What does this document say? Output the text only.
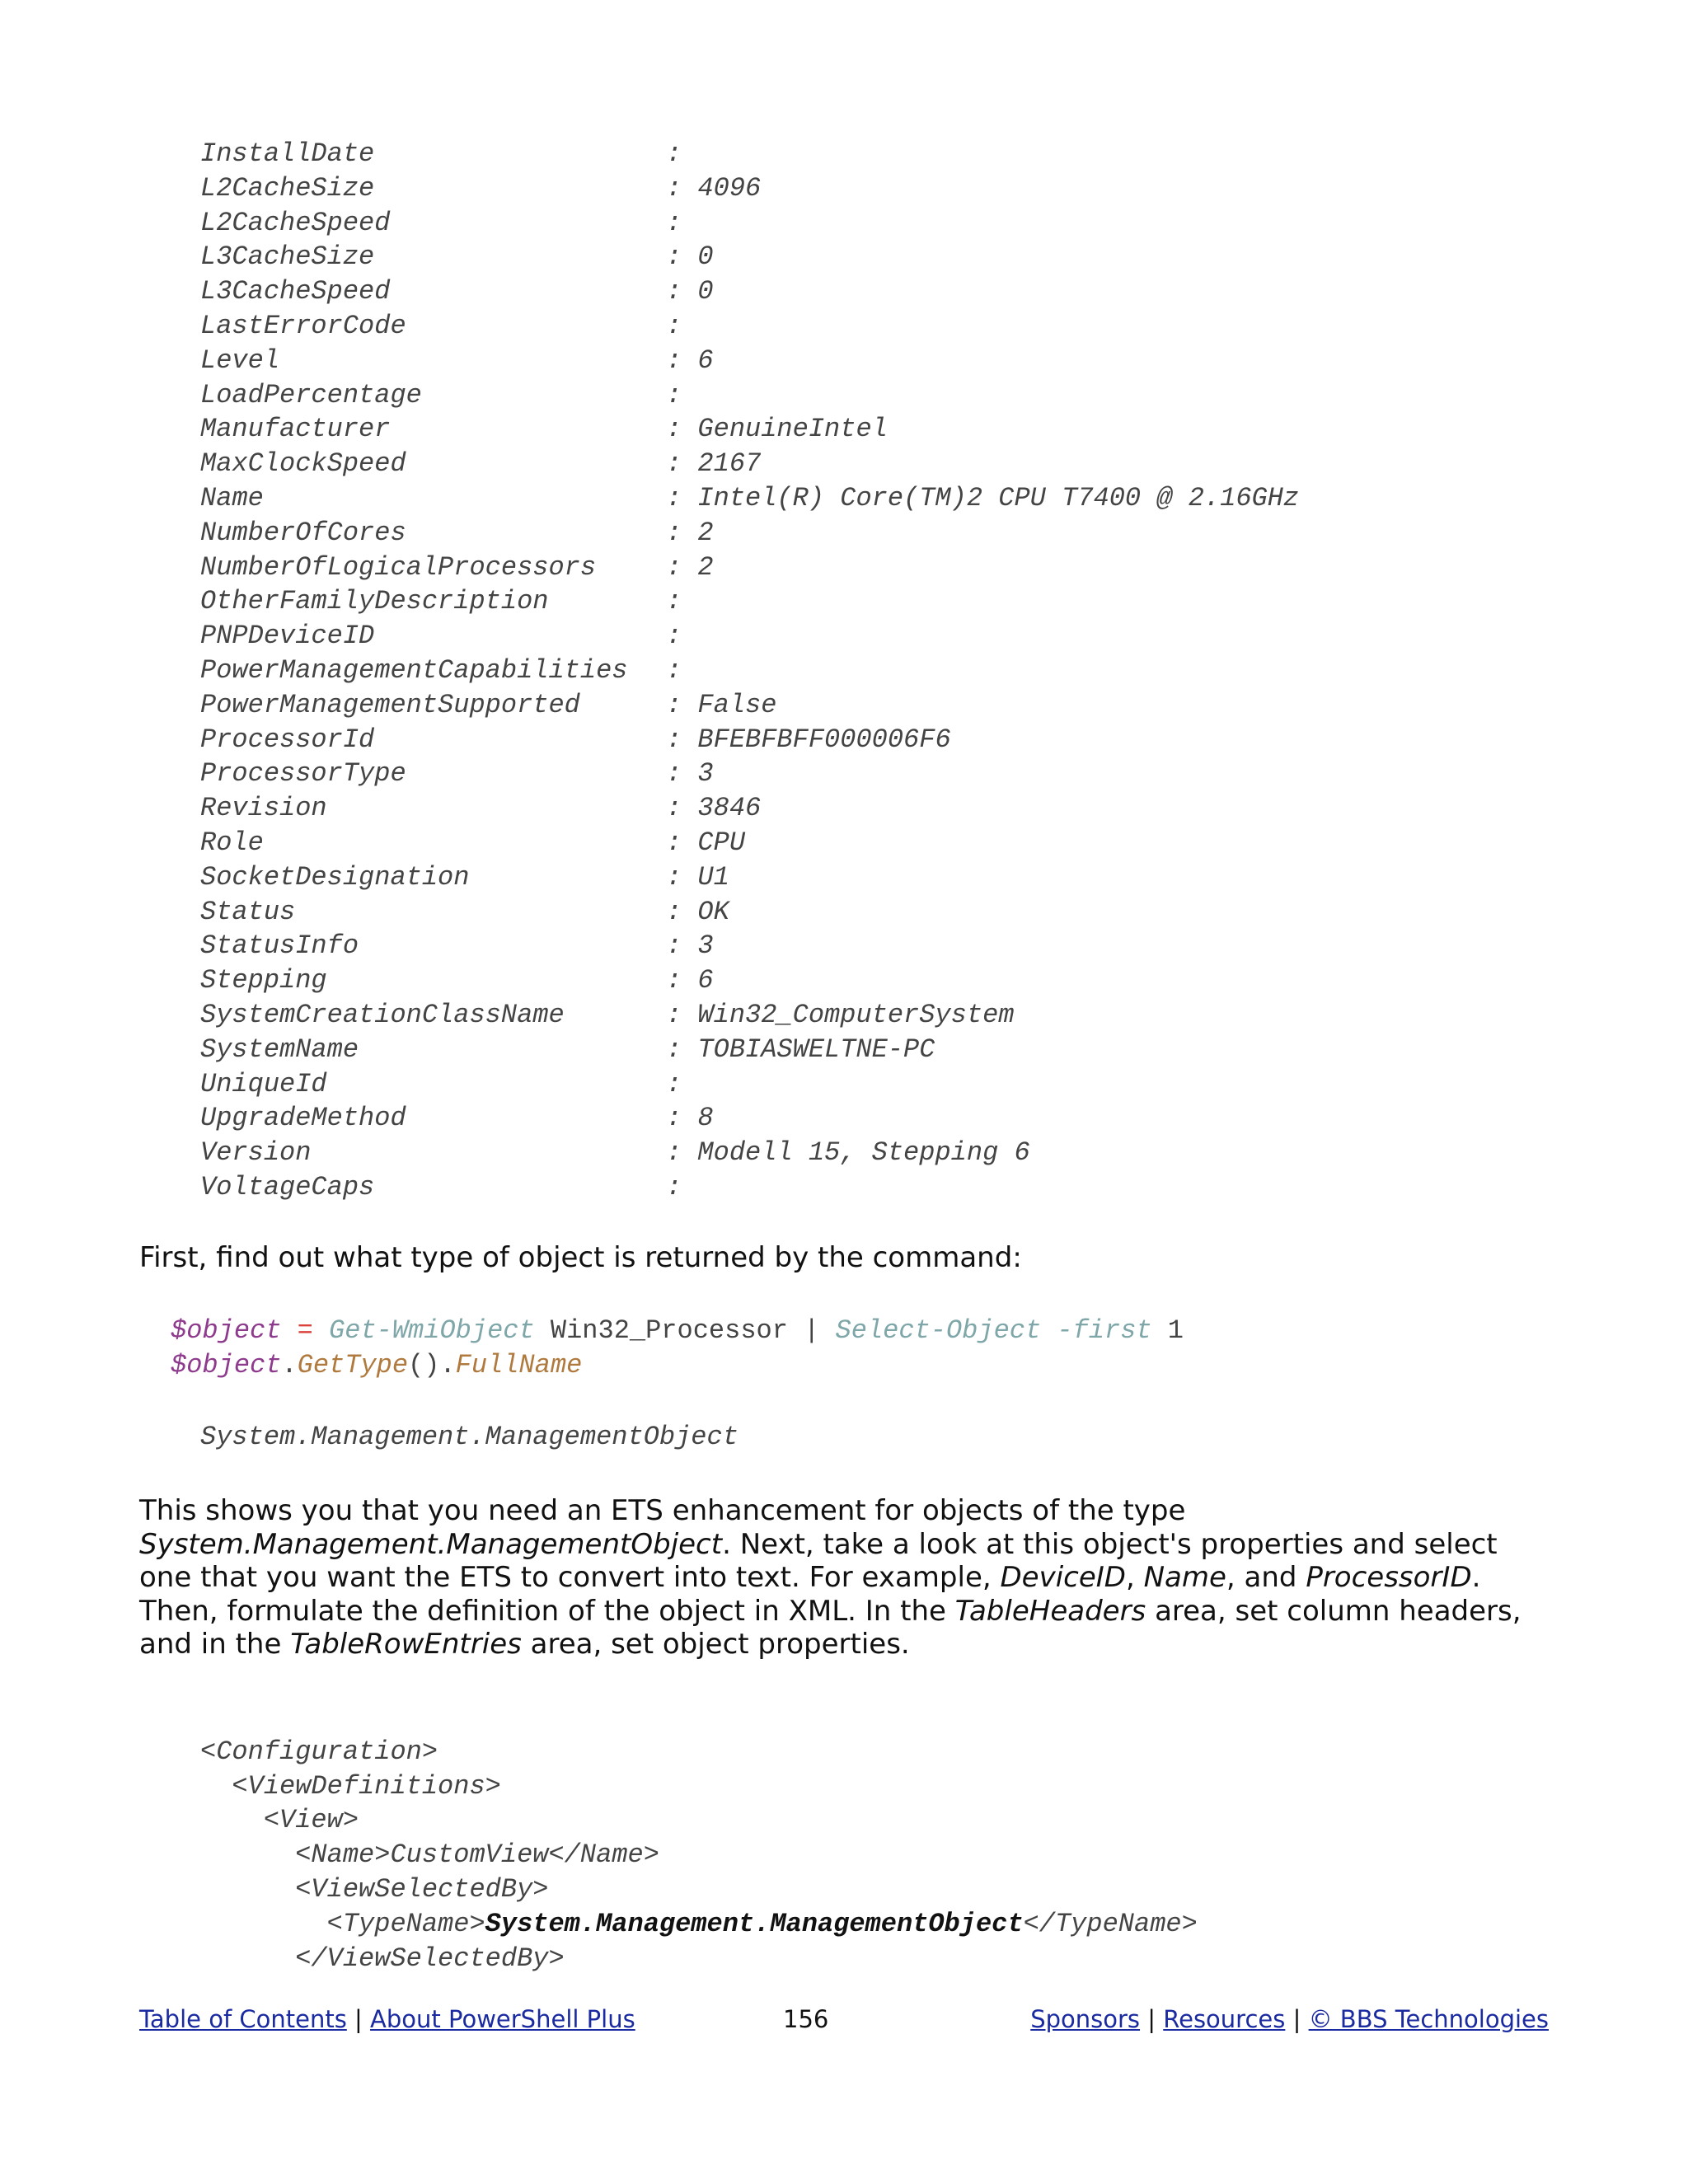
InstallDate	:
L2CacheSize	: 4096
L2CacheSpeed	:
L3CacheSize	: 0
L3CacheSpeed	: 0
LastErrorCode	:
Level	: 6
LoadPercentage	:
Manufacturer	: GenuineIntel
MaxClockSpeed	: 2167
Name	: Intel(R) Core(TM)2 CPU T7400 @ 2.16GHz
NumberOfCores	: 2
NumberOfLogicalProcessors	: 2
OtherFamilyDescription	:
PNPDeviceID	:
PowerManagementCapabilities :
PowerManagementSupported	: False
ProcessorId	: BFEBFBFF000006F6
ProcessorType	: 3
Revision	: 3846
Role	: CPU
SocketDesignation	: U1
Status	: OK
StatusInfo	: 3
Stepping	: 6
SystemCreationClassName	: Win32_ComputerSystem
SystemName	: TOBIASWELTNE-PC
UniqueId	:
UpgradeMethod	: 8
Version	: Modell 15, Stepping 6
VoltageCaps	:
First, find out what type of object is returned by the command:
$object = Get-WmiObject Win32_Processor | Select-Object -first 1
$object.GetType().FullName
System.Management.ManagementObject
This shows you that you need an ETS enhancement for objects of the type System.Management.ManagementObject. Next, take a look at this object's properties and select one that you want the ETS to convert into text. For example, DeviceID, Name, and ProcessorID. Then, formulate the definition of the object in XML. In the TableHeaders area, set column headers, and in the TableRowEntries area, set object properties.

<Configuration>
<ViewDefinitions>
<View>
<Name>CustomView</Name>
<ViewSelectedBy>
<TypeName>System.Management.ManagementObject</TypeName>
</ViewSelectedBy>

Table of Contents | About PowerShell Plus	156	Sponsors | Resources | © BBS Technologies
